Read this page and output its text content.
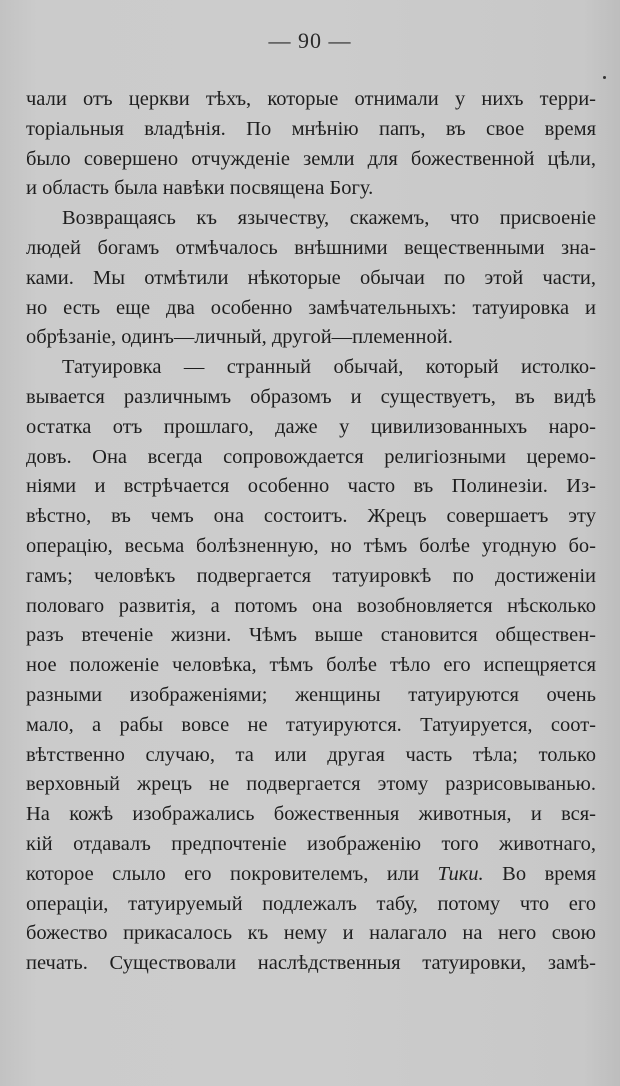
— 90 —
чали отъ церкви тѣхъ, которые отнимали у нихъ терри-
торіальныя владѣнія. По мнѣнію папъ, въ свое время
было совершено отчужденіе земли для божественной цѣли,
и область была навѣки посвящена Богу.
Возвращаясь къ язычеству, скажемъ, что присвоеніе
людей богамъ отмѣчалось внѣшними вещественными зна-
ками. Мы отмѣтили нѣкоторые обычаи по этой части,
но есть еще два особенно замѣчательныхъ: татуировка и
обрѣзаніе, одинъ—личный, другой—племенной.
Татуировка — странный обычай, который истолко-
вывается различнымъ образомъ и существуетъ, въ видѣ
остатка отъ прошлаго, даже у цивилизованныхъ наро-
довъ. Она всегда сопровождается религіозными церемо-
ніями и встрѣчается особенно часто въ Полинезіи. Из-
вѣстно, въ чемъ она состоитъ. Жрецъ совершаетъ эту
операцію, весьма болѣзненную, но тѣмъ болѣе угодную бо-
гамъ; человѣкъ подвергается татуировкѣ по достиженіи
половаго развитія, а потомъ она возобновляется нѣсколько
разъ втеченіе жизни. Чѣмъ выше становится обществен-
ное положеніе человѣка, тѣмъ болѣе тѣло его испещряется
разными изображеніями; женщины татуируются очень
мало, а рабы вовсе не татуируются. Татуируется, соот-
вѣтственно случаю, та или другая часть тѣла; только
верховный жрецъ не подвергается этому разрисовыванью.
На кожѣ изображались божественныя животныя, и вся-
кій отдавалъ предпочтеніе изображенію того животнаго,
которое слыло его покровителемъ, или Тики. Во время
операціи, татуируемый подлежалъ табу, потому что его
божество прикасалось къ нему и налагало на него свою
печать. Существовали наслѣдственныя татуировки, замѣ-
